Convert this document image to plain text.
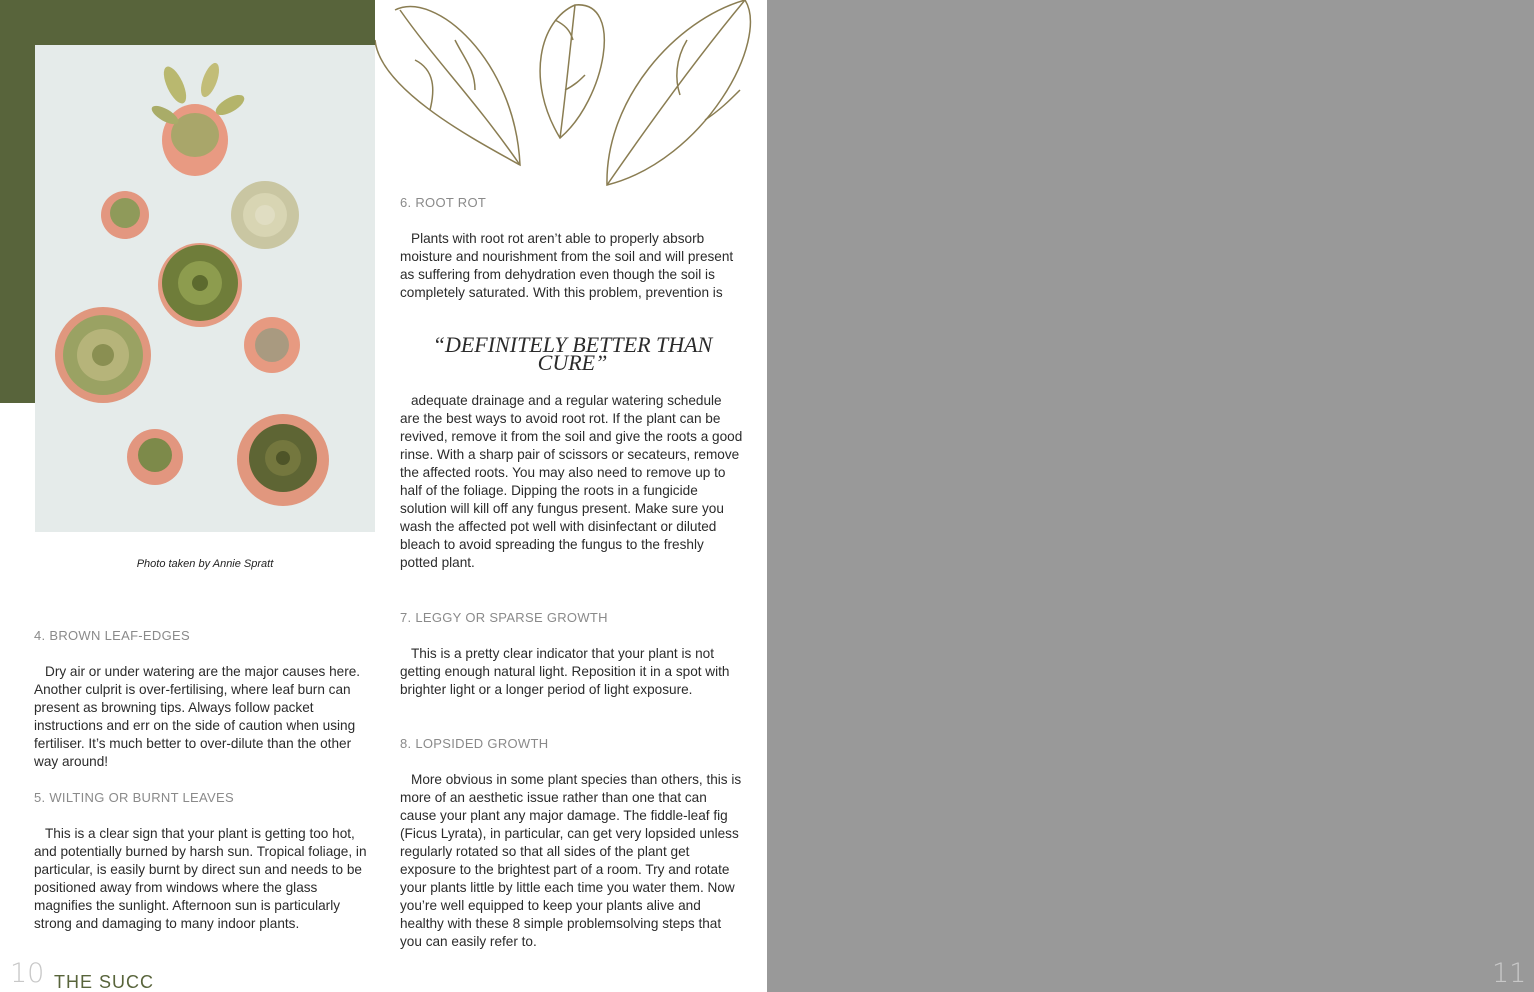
Photo taken by Annie Spratt
4. BROWN LEAF-EDGES

Dry air or under watering are the major causes here. Another culprit is over-fertilising, where leaf burn can present as browning tips. Always follow packet instructions and err on the side of caution when using fertiliser. It’s much better to over-dilute than the other way around!

5. WILTING OR BURNT LEAVES

This is a clear sign that your plant is getting too hot, and potentially burned by harsh sun. Tropical foliage, in particular, is easily burnt by direct sun and needs to be positioned away from windows where the glass magnifies the sunlight. Afternoon sun is particularly strong and damaging to many indoor plants.

6. ROOT ROT

Plants with root rot aren’t able to properly absorb moisture and nourishment from the soil and will present as suffering from dehydration even though the soil is completely saturated. With this problem, prevention is

“DEFINITELY BETTER THAN CURE”

adequate drainage and a regular watering schedule are the best ways to avoid root rot. If the plant can be revived, remove it from the soil and give the roots a good rinse. With a sharp pair of scissors or secateurs, remove the affected roots. You may also need to remove up to half of the foliage. Dipping the roots in a fungicide solution will kill off any fungus present. Make sure you wash the affected pot well with disinfectant or diluted bleach to avoid spreading the fungus to the freshly potted plant.

7. LEGGY OR SPARSE GROWTH

This is a pretty clear indicator that your plant is not getting enough natural light. Reposition it in a spot with brighter light or a longer period of light exposure.

8. LOPSIDED GROWTH

More obvious in some plant species than others, this is more of an aesthetic issue rather than one that can cause your plant any major damage. The fiddle-leaf fig (Ficus Lyrata), in particular, can get very lopsided unless regularly rotated so that all sides of the plant get exposure to the brightest part of a room. Try and rotate your plants little by little each time you water them. Now you’re well equipped to keep your plants alive and healthy with these 8 simple problemsolving steps that you can easily refer to.

10 THE SUCC	11
